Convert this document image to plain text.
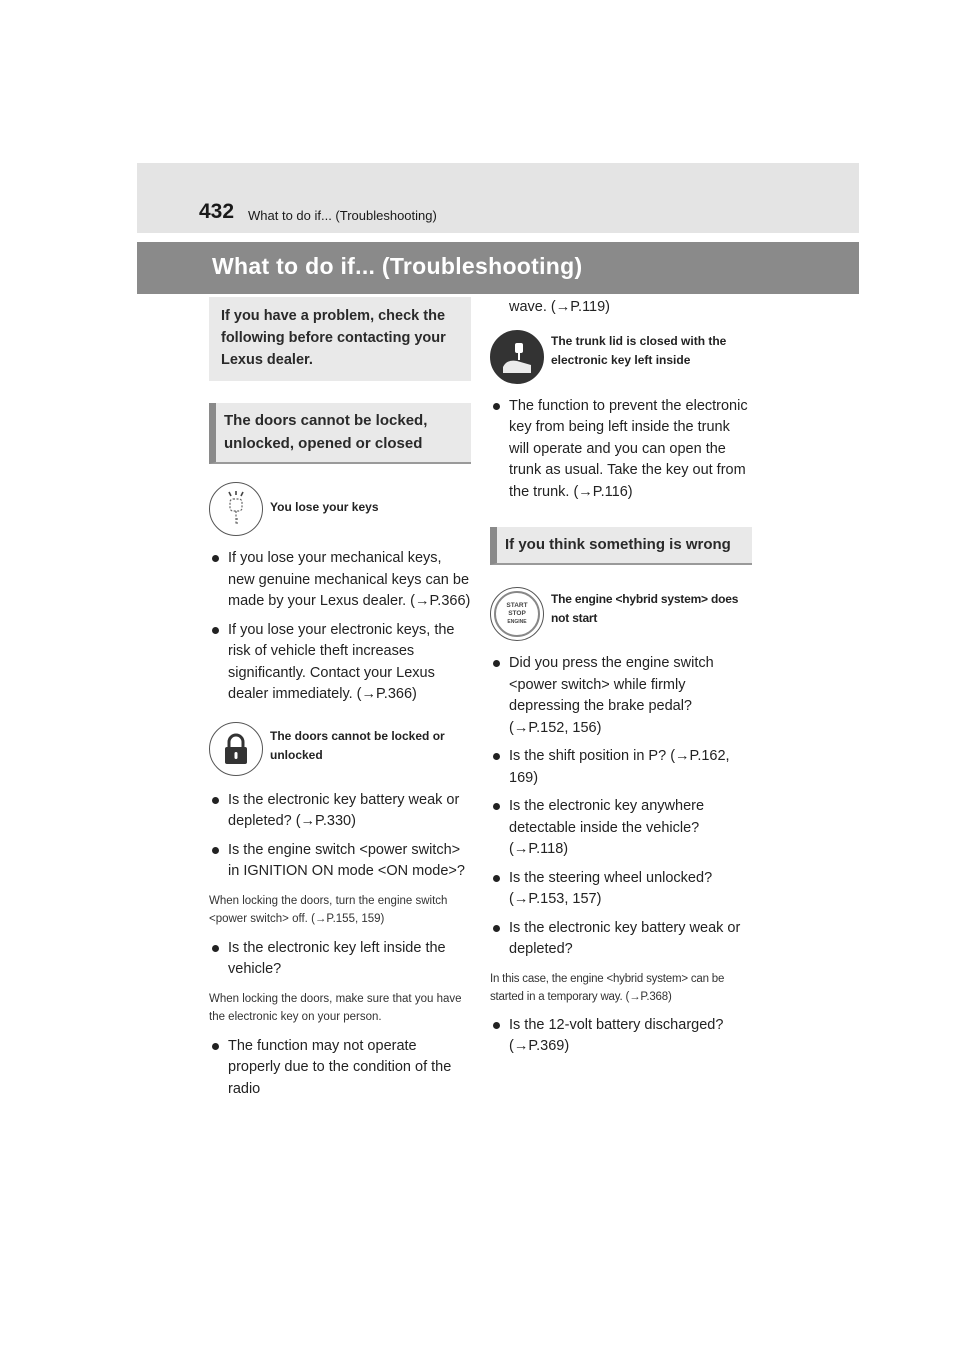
432 What to do if... (Troubleshooting)
What to do if... (Troubleshooting)
If you have a problem, check the following before contacting your Lexus dealer.
The doors cannot be locked, unlocked, opened or closed
You lose your keys
If you lose your mechanical keys, new genuine mechanical keys can be made by your Lexus dealer. (→P.366)
If you lose your electronic keys, the risk of vehicle theft increases significantly. Contact your Lexus dealer immediately. (→P.366)
The doors cannot be locked or unlocked
Is the electronic key battery weak or depleted? (→P.330)
Is the engine switch <power switch> in IGNITION ON mode <ON mode>?
When locking the doors, turn the engine switch <power switch> off. (→P.155, 159)
Is the electronic key left inside the vehicle?
When locking the doors, make sure that you have the electronic key on your person.
The function may not operate properly due to the condition of the radio
wave. (→P.119)
The trunk lid is closed with the electronic key left inside
The function to prevent the electronic key from being left inside the trunk will operate and you can open the trunk as usual. Take the key out from the trunk. (→P.116)
If you think something is wrong
START
STOP
ENGINE
The engine <hybrid system> does not start
Did you press the engine switch <power switch> while firmly depressing the brake pedal? (→P.152, 156)
Is the shift position in P? (→P.162, 169)
Is the electronic key anywhere detectable inside the vehicle? (→P.118)
Is the steering wheel unlocked? (→P.153, 157)
Is the electronic key battery weak or depleted?
In this case, the engine <hybrid system> can be started in a temporary way. (→P.368)
Is the 12-volt battery discharged? (→P.369)
